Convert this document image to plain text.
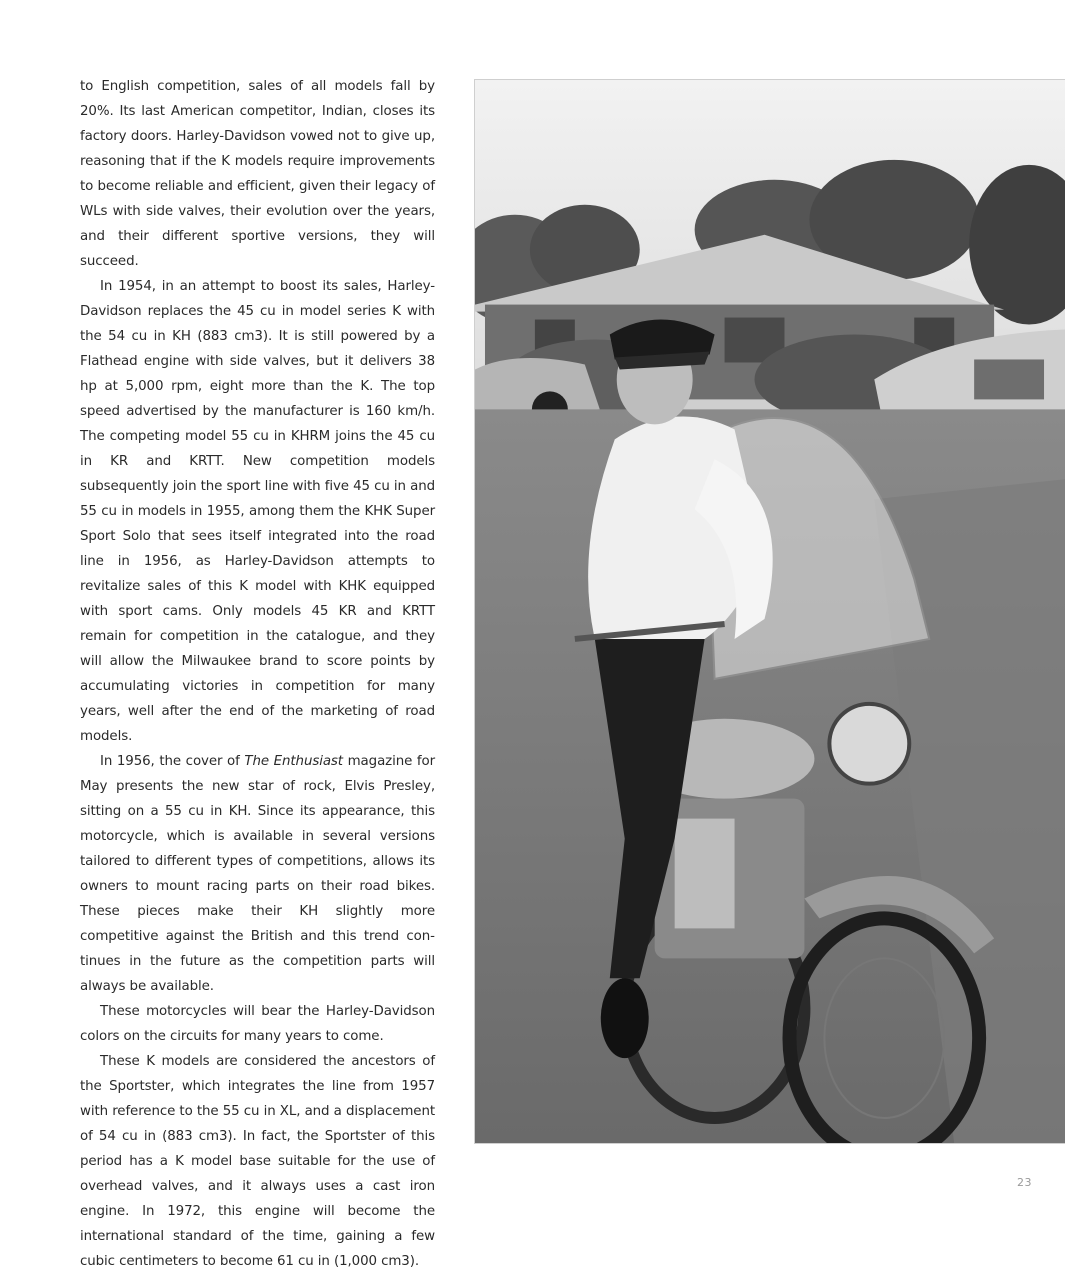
to English competition, sales of all models fall by 20%. Its last American competitor, Indian, closes its factory doors. Harley-Davidson vowed not to give up, reasoning that if the K models require improvements to become reliable and efficient, given their legacy of WLs with side valves, their evolution over the years, and their different sportive versions, they will succeed.

In 1954, in an attempt to boost its sales, Harley-Davidson replaces the 45 cu in model series K with the 54 cu in KH (883 cm3). It is still powered by a Flathead engine with side valves, but it delivers 38 hp at 5,000 rpm, eight more than the K. The top speed advertised by the manufacturer is 160 km/h. The competing model 55 cu in KHRM joins the 45 cu in KR and KRTT. New competition models subsequently join the sport line with five 45 cu in and 55 cu in models in 1955, among them the KHK Super Sport Solo that sees itself integrated into the road line in 1956, as Harley-Davidson attempts to revitalize sales of this K model with KHK equipped with sport cams. Only models 45 KR and KRTT remain for competition in the catalogue, and they will allow the Milwaukee brand to score points by accumulating victories in competition for many years, well after the end of the marketing of road models.

In 1956, the cover of The Enthusiast magazine for May presents the new star of rock, Elvis Presley, sitting on a 55 cu in KH. Since its appearance, this motorcycle, which is available in several versions tailored to different types of competitions, allows its owners to mount racing parts on their road bikes. These pieces make their KH slightly more competitive against the British and this trend continues in the future as the competition parts will always be available.

These motorcycles will bear the Harley-Davidson colors on the circuits for many years to come.

These K models are considered the ancestors of the Sportster, which integrates the line from 1957 with reference to the 55 cu in XL, and a displacement of 54 cu in (883 cm3). In fact, the Sportster of this period has a K model base suitable for the use of overhead valves, and it always uses a cast iron engine. In 1972, this engine will become the international standard of the time, gaining a few cubic centimeters to become 61 cu in (1,000 cm3).

23
